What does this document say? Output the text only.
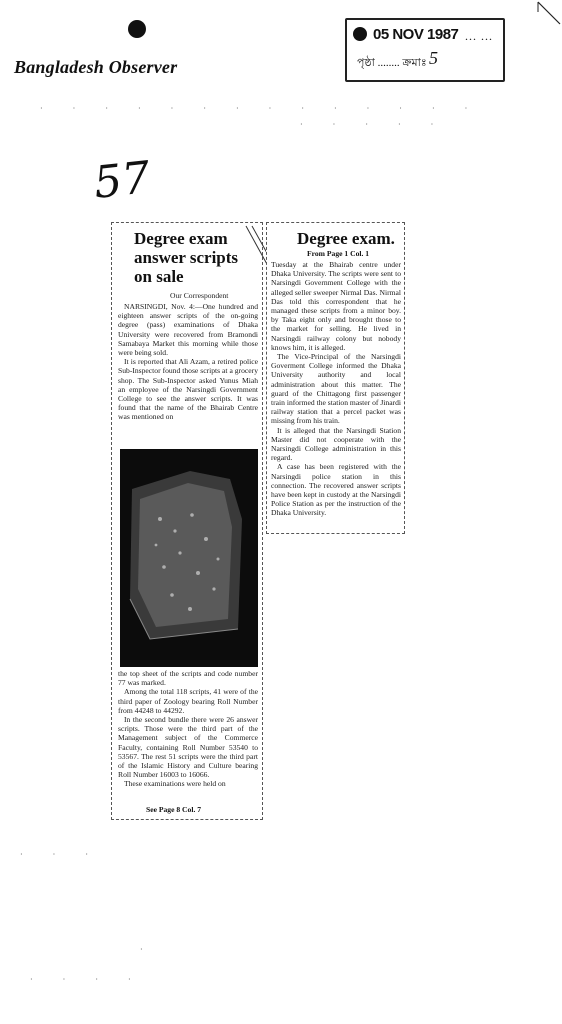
05 NOV 1987 ... ...
পৃষ্ঠা ........ ক্রমাঃ 5
Bangladesh Observer
· · · · · · · · · · · · · ·
· · · · ·
57
Degree exam
answer scripts
on sale
Our Correspondent

NARSINGDI, Nov. 4:—One hundred and eighteen answer scripts of the on-going degree (pass) examinations of Dhaka University were recovered from Bramondi Samabaya Market this morning while those were being sold.

It is reported that Ali Azam, a retired police Sub-Inspector found those scripts at a grocery shop. The Sub-Inspector asked Yunus Miah an employee of the Narsingdi Government College to see the answer scripts. It was found that the name of the Bhairab Centre was mentioned on

the top sheet of the scripts and code number 77 was marked.

Among the total 118 scripts, 41 were of the third paper of Zoology bearing Roll Number from 44248 to 44292.

In the second bundle there were 26 answer scripts. Those were the third part of the Management subject of the Commerce Faculty, containing Roll Number 53540 to 53567. The rest 51 scripts were the third part of the Islamic History and Culture bearing Roll Number 16003 to 16066.

These examinations were held on

See Page 8 Col. 7
Degree exam.
From Page 1 Col. 1

Tuesday at the Bhairab centre under Dhaka University. The scripts were sent to Narsingdi Government College with the alleged seller sweeper Nirmal Das. Nirmal Das told this correspondent that he managed these scripts from a minor boy. by Taka eight only and brought those to the market for selling. He lived in Narsingdi railway colony but nobody knows him, it is alleged.

The Vice-Principal of the Narsingdi Goverment College informed the Dhaka University authority and local administration about this matter. The guard of the Chittagong first passenger train informed the station master of Jinardi railway station that a percel packet was missing from his train.

It is alleged that the Narsingdi Station Master did not cooperate with the Narsingdi College administration in this regard.

A case has been registered with the Narsingdi police station in this connection. The recovered answer scripts have been kept in custody at the Narsingdi Police Station as per the instruction of the Dhaka University.

· · ·
· · · ·
·
